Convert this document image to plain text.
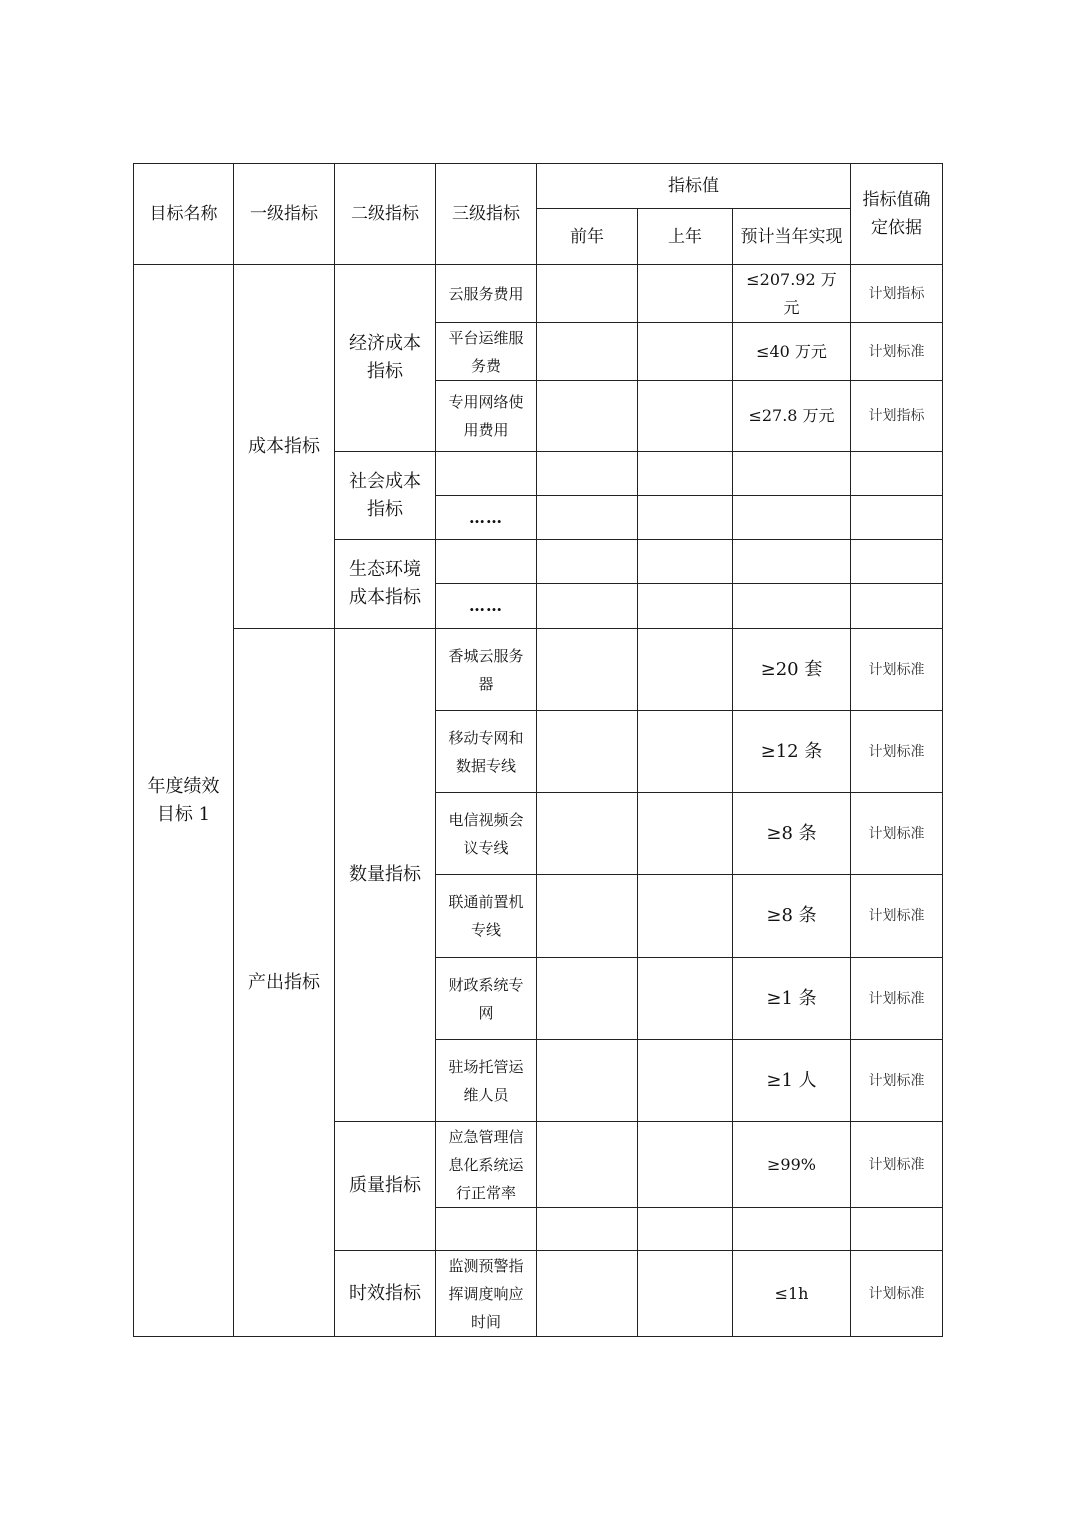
目标名称	一级指标	二级指标	三级指标	指标值			指标值确定依据
				前年	上年	预计当年实现	
年度绩效目标 1	成本指标	经济成本指标	云服务费用			≤207.92 万元	计划指标
			平台运维服务费			≤40 万元	计划标准
			专用网络使用费用			≤27.8 万元	计划指标
		社会成本指标					
			……				
		生态环境成本指标					
			……				
	产出指标	数量指标	香城云服务器			≥20 套	计划标准
			移动专网和数据专线			≥12 条	计划标准
			电信视频会议专线			≥8 条	计划标准
			联通前置机专线			≥8 条	计划标准
			财政系统专网			≥1 条	计划标准
			驻场托管运维人员			≥1 人	计划标准
		质量指标	应急管理信息化系统运行正常率			≥99%	计划标准

		时效指标	监测预警指挥调度响应时间			≤1h	计划标准
